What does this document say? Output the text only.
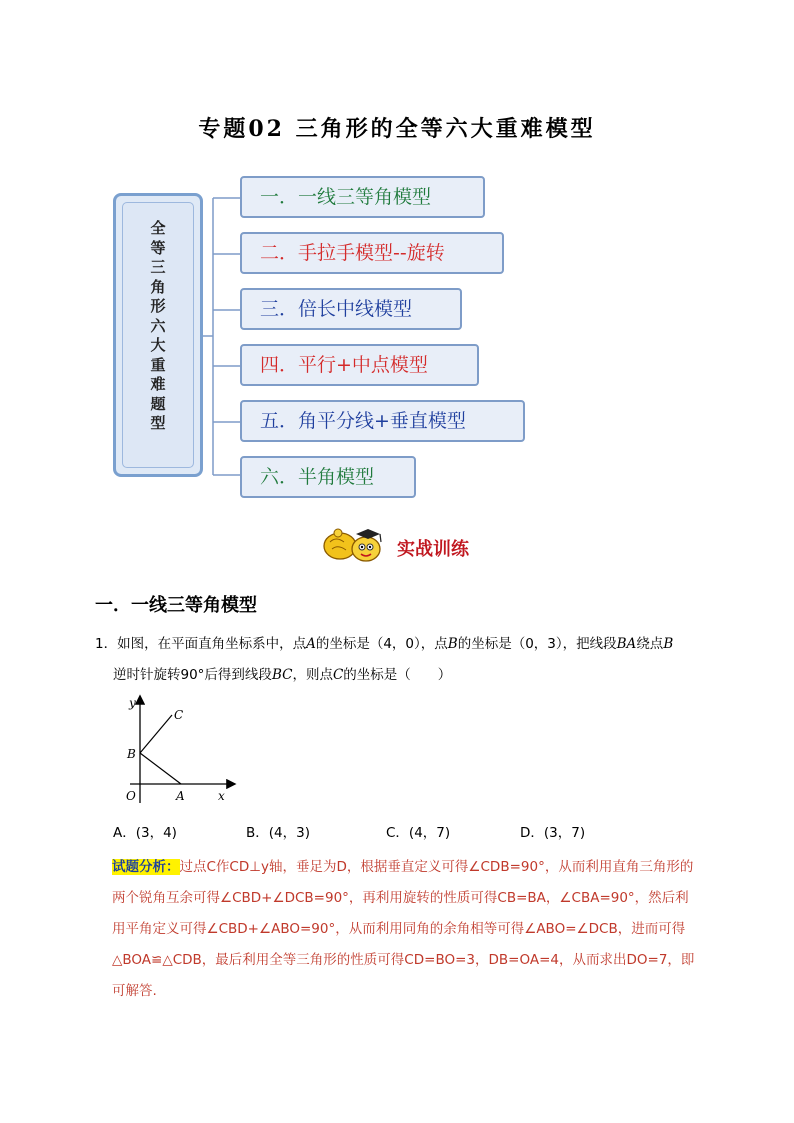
专题02 三角形的全等六大重难模型
全
等
三
角
形
六
大
重
难
题
型
一．一线三等角模型
二．手拉手模型--旋转
三．倍长中线模型
四．平行+中点模型
五．角平分线+垂直模型
六．半角模型
实战训练
一．一线三等角模型
1．如图，在平面直角坐标系中，点A的坐标是（4，0），点B的坐标是（0，3），把线段BA绕点B
逆时针旋转90°后得到线段BC，则点C的坐标是（　　）
y
x
O	A
B
C
A．(3，4)	B．(4，3)	C．(4，7)	D．(3，7)
试题分析：过点C作CD⊥y轴，垂足为D，根据垂直定义可得∠CDB=90°，从而利用直角三角形的两个锐角互余可得∠CBD+∠DCB=90°，再利用旋转的性质可得CB=BA，∠CBA=90°，然后利用平角定义可得∠CBD+∠ABO=90°，从而利用同角的余角相等可得∠ABO=∠DCB，进而可得△BOA≌△CDB，最后利用全等三角形的性质可得CD=BO=3，DB=OA=4，从而求出DO=7，即可解答.
